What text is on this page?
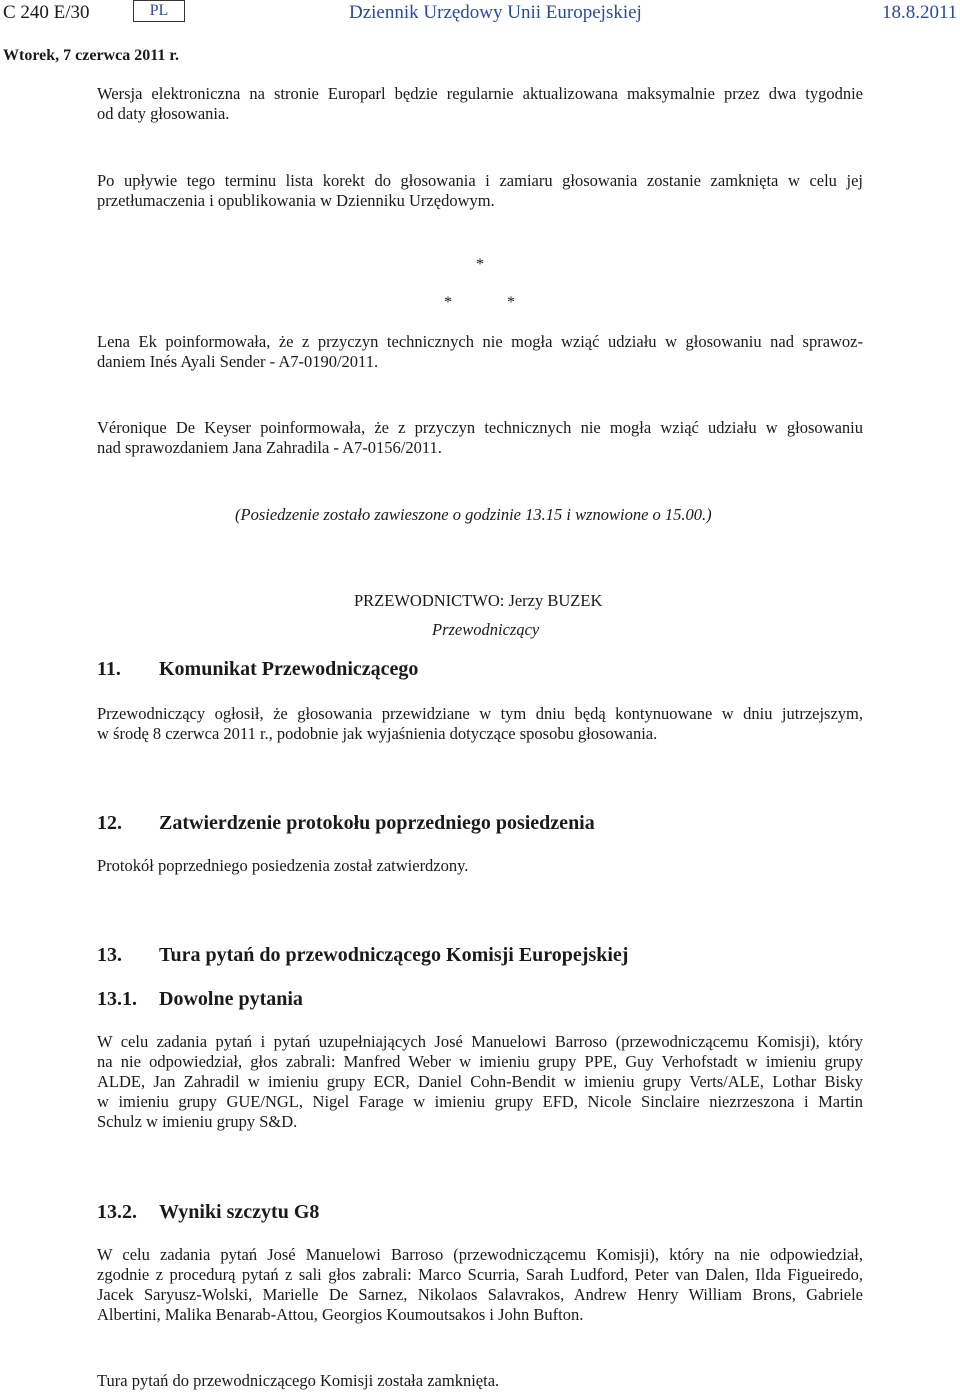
C 240 E/30	PL	Dziennik Urzędowy Unii Europejskiej	18.8.2011
Wtorek, 7 czerwca 2011 r.
Wersja elektroniczna na stronie Europarl będzie regularnie aktualizowana maksymalnie przez dwa tygodnie
od daty głosowania.
Po upływie tego terminu lista korekt do głosowania i zamiaru głosowania zostanie zamknięta w celu jej
przetłumaczenia i opublikowania w Dzienniku Urzędowym.
*
*	*
Lena Ek poinformowała, że z przyczyn technicznych nie mogła wziąć udziału w głosowaniu nad sprawoz-
daniem Inés Ayali Sender - A7-0190/2011.
Véronique De Keyser poinformowała, że z przyczyn technicznych nie mogła wziąć udziału w głosowaniu
nad sprawozdaniem Jana Zahradila - A7-0156/2011.
(Posiedzenie zostało zawieszone o godzinie 13.15 i wznowione o 15.00.)
PRZEWODNICTWO: Jerzy BUZEK
Przewodniczący
11. Komunikat Przewodniczącego
Przewodniczący ogłosił, że głosowania przewidziane w tym dniu będą kontynuowane w dniu jutrzejszym,
w środę 8 czerwca 2011 r., podobnie jak wyjaśnienia dotyczące sposobu głosowania.
12. Zatwierdzenie protokołu poprzedniego posiedzenia
Protokół poprzedniego posiedzenia został zatwierdzony.
13. Tura pytań do przewodniczącego Komisji Europejskiej
13.1. Dowolne pytania
W celu zadania pytań i pytań uzupełniających José Manuelowi Barroso (przewodniczącemu Komisji), który
na nie odpowiedział, głos zabrali: Manfred Weber w imieniu grupy PPE, Guy Verhofstadt w imieniu grupy
ALDE, Jan Zahradil w imieniu grupy ECR, Daniel Cohn-Bendit w imieniu grupy Verts/ALE, Lothar Bisky
w imieniu grupy GUE/NGL, Nigel Farage w imieniu grupy EFD, Nicole Sinclaire niezrzeszona i Martin
Schulz w imieniu grupy S&D.
13.2. Wyniki szczytu G8
W celu zadania pytań José Manuelowi Barroso (przewodniczącemu Komisji), który na nie odpowiedział,
zgodnie z procedurą pytań z sali głos zabrali: Marco Scurria, Sarah Ludford, Peter van Dalen, Ilda Figueiredo,
Jacek Saryusz-Wolski, Marielle De Sarnez, Nikolaos Salavrakos, Andrew Henry William Brons, Gabriele
Albertini, Malika Benarab-Attou, Georgios Koumoutsakos i John Bufton.
Tura pytań do przewodniczącego Komisji została zamknięta.
